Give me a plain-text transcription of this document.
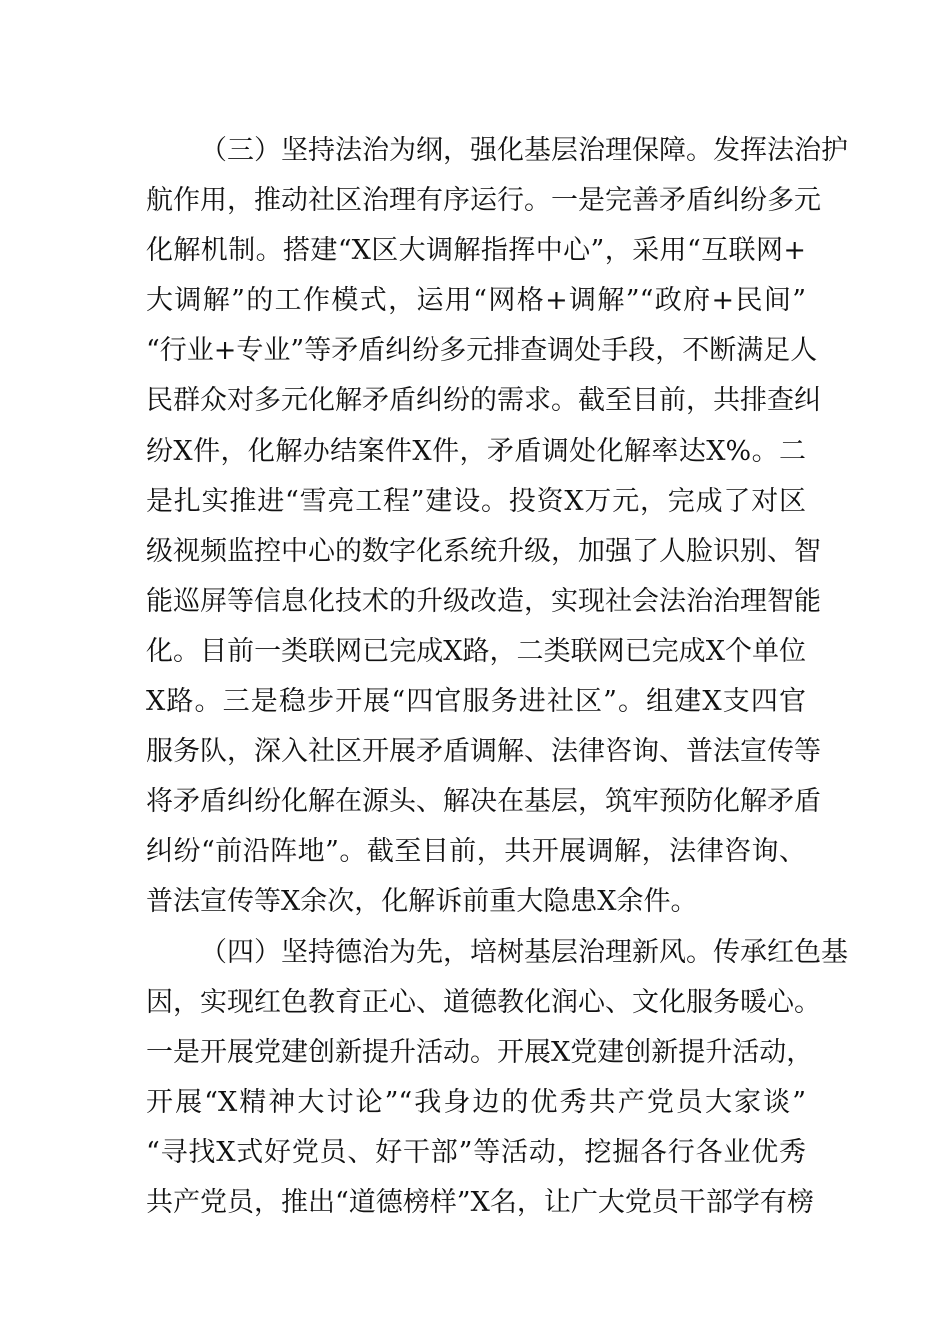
（三）坚持法治为纲，强化基层治理保障。发挥法治护
航作用，推动社区治理有序运行。一是完善矛盾纠纷多元
化解机制。搭建“X区大调解指挥中心”，采用“互联网+
大调解”的工作模式，运用“网格+调解”“政府+民间”
“行业+专业”等矛盾纠纷多元排查调处手段，不断满足人
民群众对多元化解矛盾纠纷的需求。截至目前，共排查纠
纷X件，化解办结案件X件，矛盾调处化解率达X%。二
是扎实推进“雪亮工程”建设。投资X万元，完成了对区
级视频监控中心的数字化系统升级，加强了人脸识别、智
能巡屏等信息化技术的升级改造，实现社会法治治理智能
化。目前一类联网已完成X路，二类联网已完成X个单位
X路。三是稳步开展“四官服务进社区”。组建X支四官
服务队，深入社区开展矛盾调解、法律咨询、普法宣传等
将矛盾纠纷化解在源头、解决在基层，筑牢预防化解矛盾
纠纷“前沿阵地”。截至目前，共开展调解，法律咨询、
普法宣传等X余次，化解诉前重大隐患X余件。
（四）坚持德治为先，培树基层治理新风。传承红色基
因，实现红色教育正心、道德教化润心、文化服务暖心。
一是开展党建创新提升活动。开展X党建创新提升活动，
开展“X精神大讨论”“我身边的优秀共产党员大家谈”
“寻找X式好党员、好干部”等活动，挖掘各行各业优秀
共产党员，推出“道德榜样”X名，让广大党员干部学有榜
